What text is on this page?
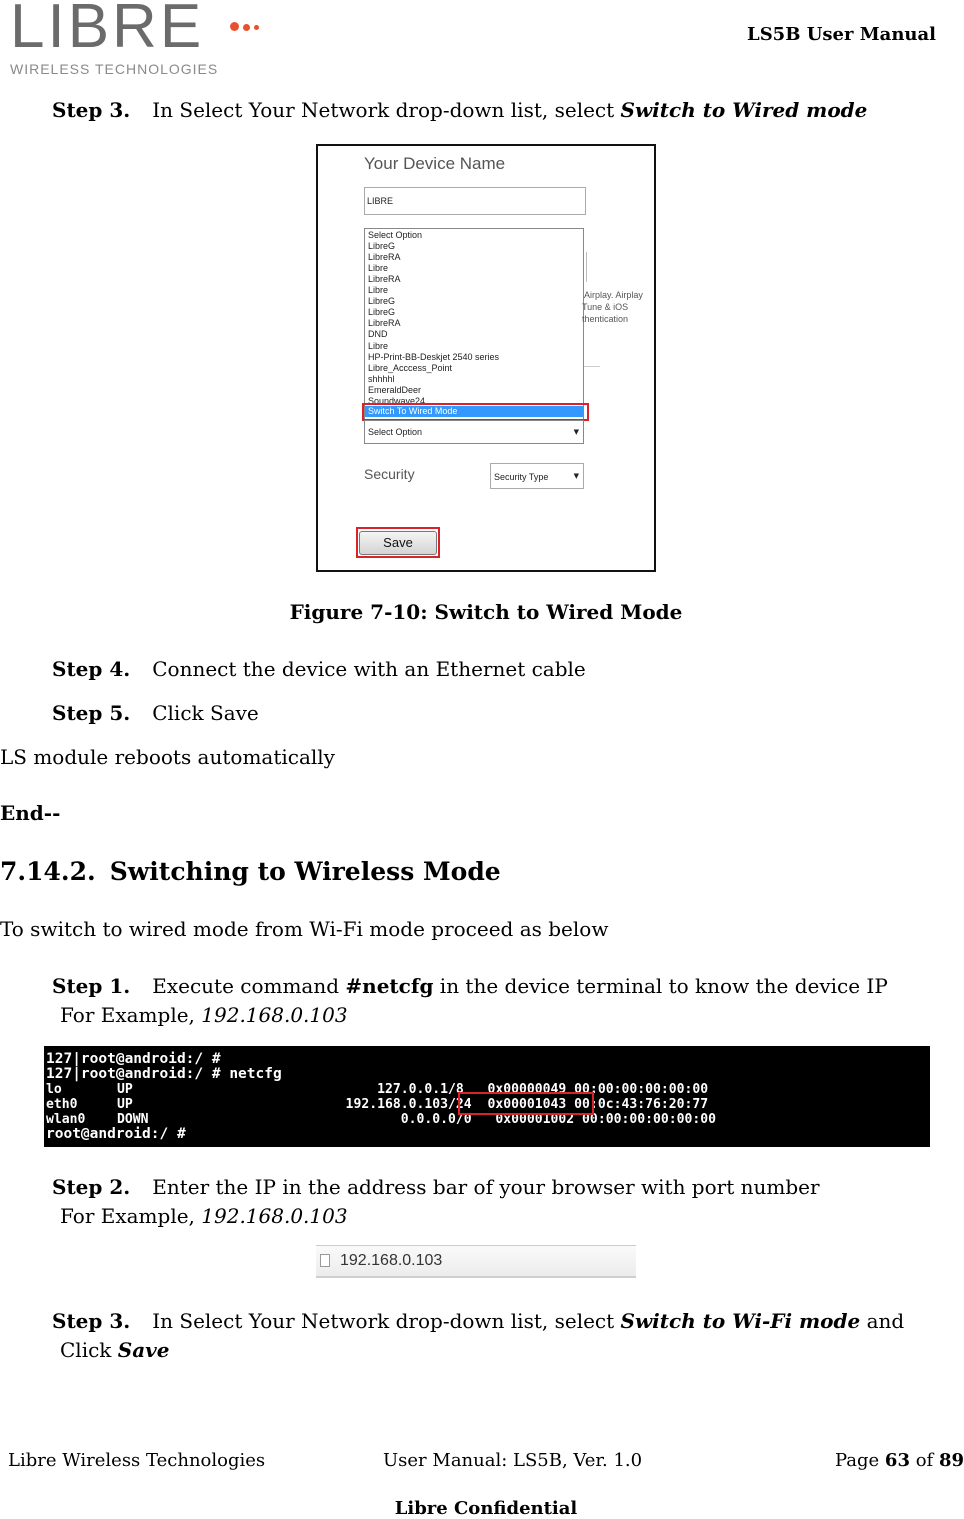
LIBRE
WIRELESS TECHNOLOGIES
LS5B User Manual
Step 3. In Select Your Network drop-down list, select Switch to Wired mode
Your Device Name
LIBRE
Select Option
LibreG
LibreRA
Libre
LibreRA
Libre
LibreG
LibreG
LibreRA
DND
Libre
HP-Print-BB-Deskjet 2540 series
Libre_Acccess_Point
shhhhl
EmeraldDeer
Soundwave24
Switch To Wired Mode
Select Option	▼
Airplay. Airplay
Tune & iOS
thentication
Security	Security Type	▼
Save
Figure 7-10: Switch to Wired Mode
Step 4. Connect the device with an Ethernet cable
Step 5. Click Save
LS module reboots automatically
End--
7.14.2. Switching to Wireless Mode
To switch to wired mode from Wi-Fi mode proceed as below
Step 1. Execute command #netcfg in the device terminal to know the device IP
For Example, 192.168.0.103
127|root@android:/ #
127|root@android:/ # netcfg
lo       UP                               127.0.0.1/8   0x00000049 00:00:00:00:00:00
eth0     UP                           192.168.0.103/24  0x00001043 00:0c:43:76:20:77
wlan0    DOWN                                0.0.0.0/0   0x00001002 00:00:00:00:00:00
root@android:/ #
Step 2. Enter the IP in the address bar of your browser with port number
For Example, 192.168.0.103
192.168.0.103
Step 3. In Select Your Network drop-down list, select Switch to Wi-Fi mode and
Click Save
Libre Wireless Technologies	User Manual: LS5B, Ver. 1.0	Page 63 of 89
Libre Confidential
